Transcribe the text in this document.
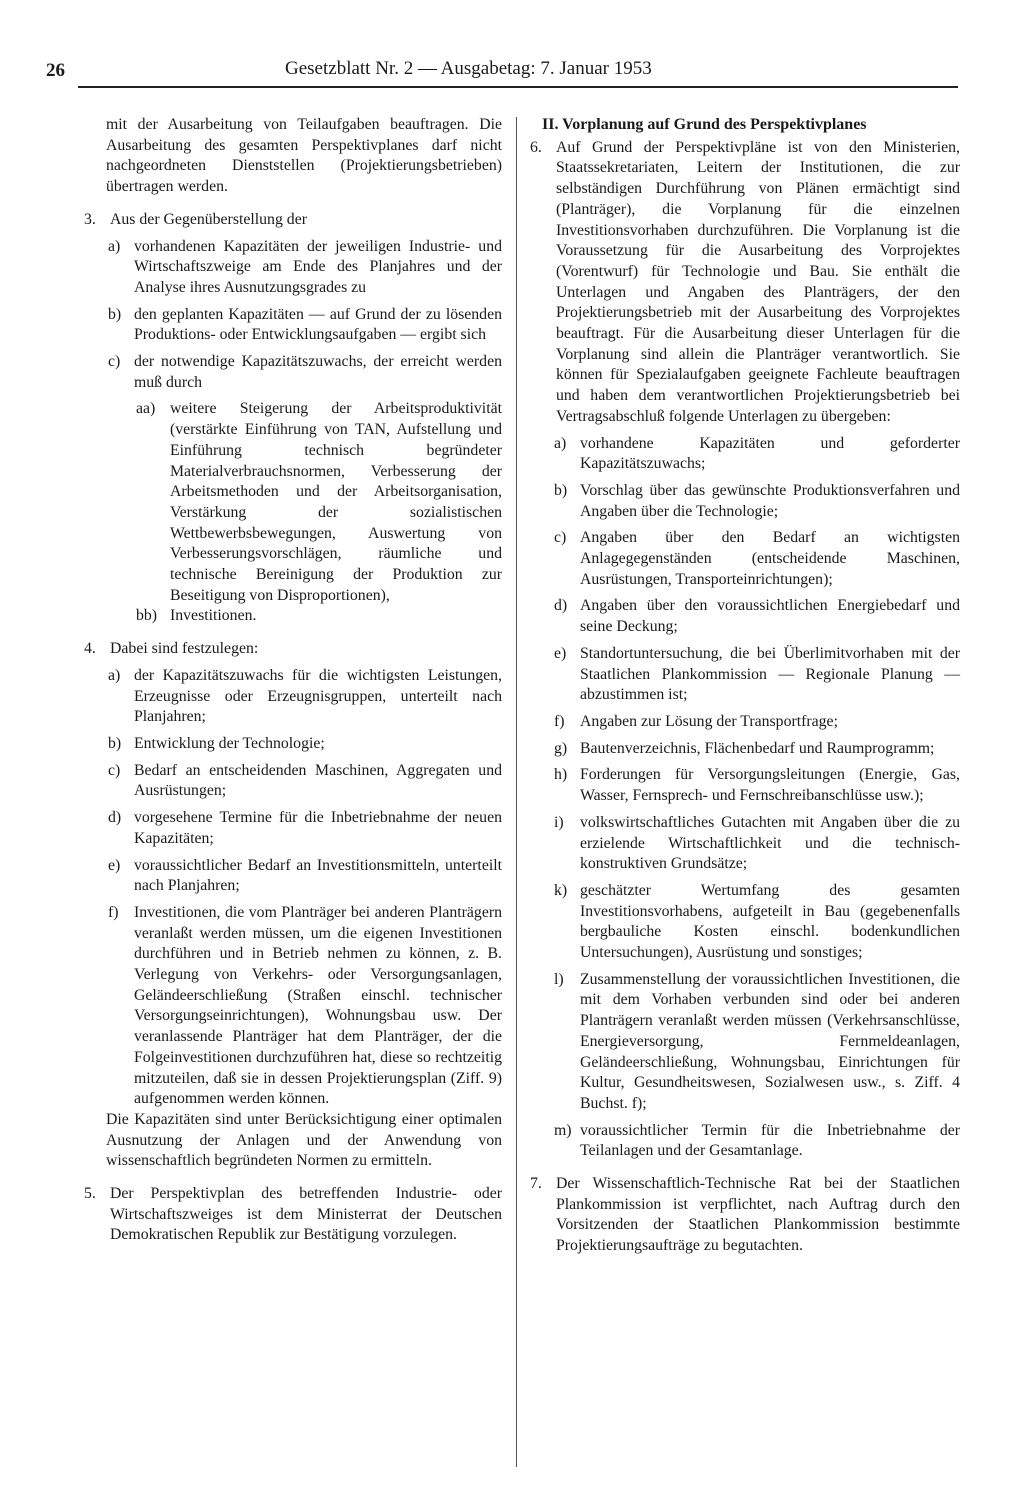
26	Gesetzblatt Nr. 2 — Ausgabetag: 7. Januar 1953

mit der Ausarbeitung von Teilaufgaben beauftragen. Die Ausarbeitung des gesamten Perspektivplanes darf nicht nachgeordneten Dienststellen (Projektierungsbetrieben) übertragen werden.

3. Aus der Gegenüberstellung der
a) vorhandenen Kapazitäten der jeweiligen Industrie- und Wirtschaftszweige am Ende des Planjahres und der Analyse ihres Ausnutzungsgrades zu
b) den geplanten Kapazitäten — auf Grund der zu lösenden Produktions- oder Entwicklungsaufgaben — ergibt sich
c) der notwendige Kapazitätszuwachs, der erreicht werden muß durch
aa) weitere Steigerung der Arbeitsproduktivität (verstärkte Einführung von TAN, Aufstellung und Einführung technisch begründeter Materialverbrauchsnormen, Verbesserung der Arbeitsmethoden und der Arbeitsorganisation, Verstärkung der sozialistischen Wettbewerbsbewegungen, Auswertung von Verbesserungsvorschlägen, räumliche und technische Bereinigung der Produktion zur Beseitigung von Disproportionen),
bb) Investitionen.
4. Dabei sind festzulegen:
a) der Kapazitätszuwachs für die wichtigsten Leistungen, Erzeugnisse oder Erzeugnisgruppen, unterteilt nach Planjahren;
b) Entwicklung der Technologie;
c) Bedarf an entscheidenden Maschinen, Aggregaten und Ausrüstungen;
d) vorgesehene Termine für die Inbetriebnahme der neuen Kapazitäten;
e) voraussichtlicher Bedarf an Investitionsmitteln, unterteilt nach Planjahren;
f) Investitionen, die vom Planträger bei anderen Planträgern veranlaßt werden müssen, um die eigenen Investitionen durchführen und in Betrieb nehmen zu können, z. B. Verlegung von Verkehrs- oder Versorgungsanlagen, Geländeerschließung (Straßen einschl. technischer Versorgungseinrichtungen), Wohnungsbau usw. Der veranlassende Planträger hat dem Planträger, der die Folgeinvestitionen durchzuführen hat, diese so rechtzeitig mitzuteilen, daß sie in dessen Projektierungsplan (Ziff. 9) aufgenommen werden können.

Die Kapazitäten sind unter Berücksichtigung einer optimalen Ausnutzung der Anlagen und der Anwendung von wissenschaftlich begründeten Normen zu ermitteln.

5. Der Perspektivplan des betreffenden Industrie- oder Wirtschaftszweiges ist dem Ministerrat der Deutschen Demokratischen Republik zur Bestätigung vorzulegen.

II. Vorplanung auf Grund des Perspektivplanes

6. Auf Grund der Perspektivpläne ist von den Ministerien, Staatssekretariaten, Leitern der Institutionen, die zur selbständigen Durchführung von Plänen ermächtigt sind (Planträger), die Vorplanung für die einzelnen Investitionsvorhaben durchzuführen. Die Vorplanung ist die Voraussetzung für die Ausarbeitung des Vorprojektes (Vorentwurf) für Technologie und Bau. Sie enthält die Unterlagen und Angaben des Planträgers, der den Projektierungsbetrieb mit der Ausarbeitung des Vorprojektes beauftragt. Für die Ausarbeitung dieser Unterlagen für die Vorplanung sind allein die Planträger verantwortlich. Sie können für Spezialaufgaben geeignete Fachleute beauftragen und haben dem verantwortlichen Projektierungsbetrieb bei Vertragsabschluß folgende Unterlagen zu übergeben:
a) vorhandene Kapazitäten und geforderter Kapazitätszuwachs;
b) Vorschlag über das gewünschte Produktionsverfahren und Angaben über die Technologie;
c) Angaben über den Bedarf an wichtigsten Anlagegegenständen (entscheidende Maschinen, Ausrüstungen, Transporteinrichtungen);
d) Angaben über den voraussichtlichen Energiebedarf und seine Deckung;
e) Standortuntersuchung, die bei Überlimitvorhaben mit der Staatlichen Plankommission — Regionale Planung — abzustimmen ist;
f) Angaben zur Lösung der Transportfrage;
g) Bautenverzeichnis, Flächenbedarf und Raumprogramm;
h) Forderungen für Versorgungsleitungen (Energie, Gas, Wasser, Fernsprech- und Fernschreibanschlüsse usw.);
i) volkswirtschaftliches Gutachten mit Angaben über die zu erzielende Wirtschaftlichkeit und die technisch-konstruktiven Grundsätze;
k) geschätzter Wertumfang des gesamten Investitionsvorhabens, aufgeteilt in Bau (gegebenenfalls bergbauliche Kosten einschl. bodenkundlichen Untersuchungen), Ausrüstung und sonstiges;
l) Zusammenstellung der voraussichtlichen Investitionen, die mit dem Vorhaben verbunden sind oder bei anderen Planträgern veranlaßt werden müssen (Verkehrsanschlüsse, Energieversorgung, Fernmeldeanlagen, Geländeerschließung, Wohnungsbau, Einrichtungen für Kultur, Gesundheitswesen, Sozialwesen usw., s. Ziff. 4 Buchst. f);
m) voraussichtlicher Termin für die Inbetriebnahme der Teilanlagen und der Gesamtanlage.
7. Der Wissenschaftlich-Technische Rat bei der Staatlichen Plankommission ist verpflichtet, nach Auftrag durch den Vorsitzenden der Staatlichen Plankommission bestimmte Projektierungsaufträge zu begutachten.
